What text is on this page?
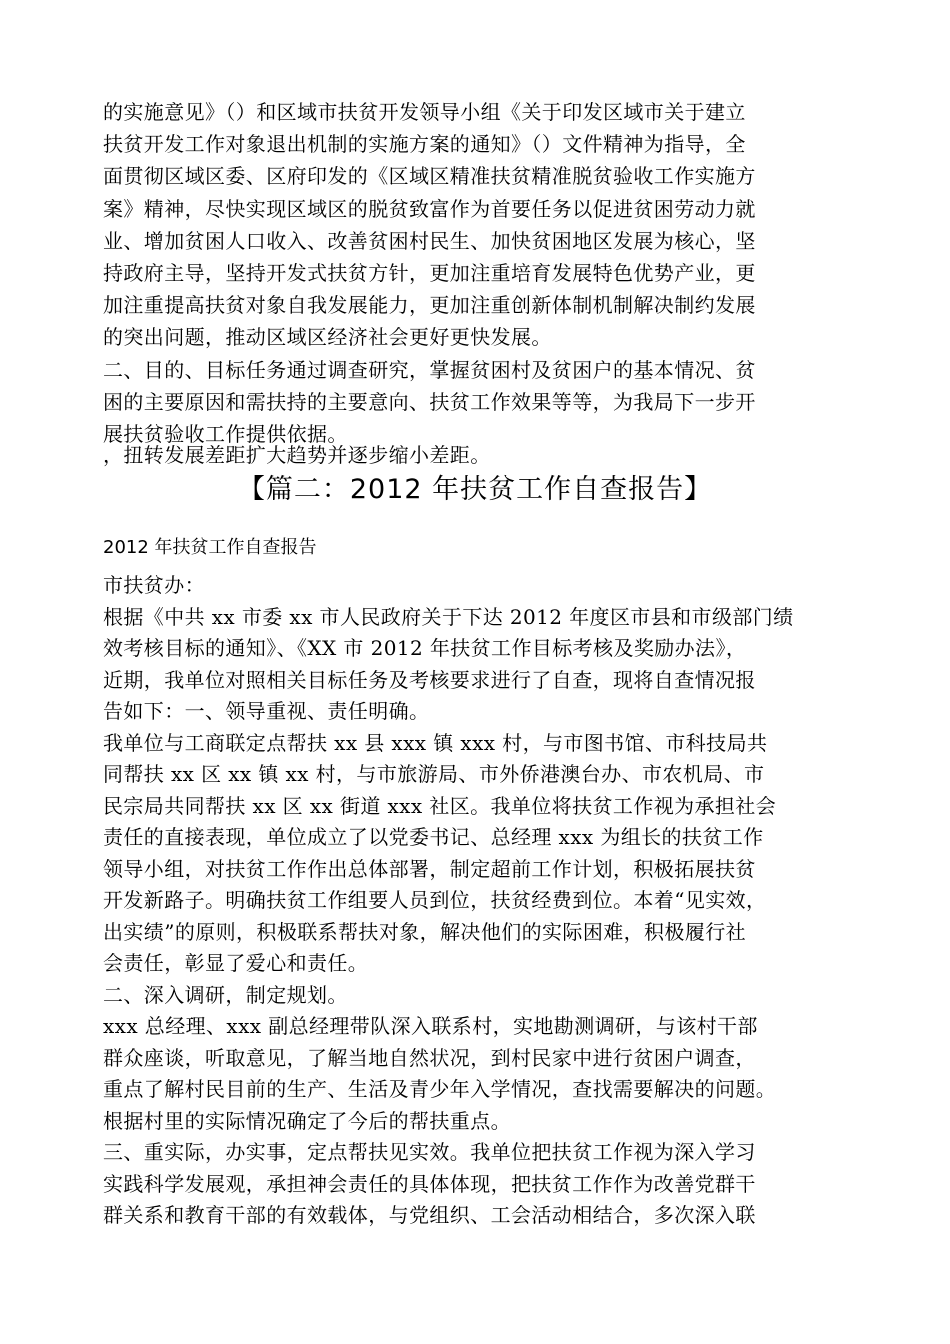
的实施意见》（）和区域市扶贫开发领导小组《关于印发区域市关于建立
扶贫开发工作对象退出机制的实施方案的通知》（）文件精神为指导，全
面贯彻区域区委、区府印发的《区域区精准扶贫精准脱贫验收工作实施方
案》精神，尽快实现区域区的脱贫致富作为首要任务以促进贫困劳动力就
业、增加贫困人口收入、改善贫困村民生、加快贫困地区发展为核心，坚
持政府主导，坚持开发式扶贫方针，更加注重培育发展特色优势产业，更
加注重提高扶贫对象自我发展能力，更加注重创新体制机制解决制约发展
的突出问题，推动区域区经济社会更好更快发展。
二、目的、目标任务通过调查研究，掌握贫困村及贫困户的基本情况、贫
困的主要原因和需扶持的主要意向、扶贫工作效果等等，为我局下一步开
展扶贫验收工作提供依据。
，扭转发展差距扩大趋势并逐步缩小差距。
【篇二：2012 年扶贫工作自查报告】
2012 年扶贫工作自查报告
市扶贫办：
根据《中共 xx 市委 xx 市人民政府关于下达 2012 年度区市县和市级部门绩
效考核目标的通知》、《XX 市 2012 年扶贫工作目标考核及奖励办法》，
近期，我单位对照相关目标任务及考核要求进行了自查，现将自查情况报
告如下：一、领导重视、责任明确。
我单位与工商联定点帮扶 xx 县 xxx 镇 xxx 村，与市图书馆、市科技局共
同帮扶 xx 区 xx 镇 xx 村，与市旅游局、市外侨港澳台办、市农机局、市
民宗局共同帮扶 xx 区 xx 街道 xxx 社区。我单位将扶贫工作视为承担社会
责任的直接表现，单位成立了以党委书记、总经理 xxx 为组长的扶贫工作
领导小组，对扶贫工作作出总体部署，制定超前工作计划，积极拓展扶贫
开发新路子。明确扶贫工作组要人员到位，扶贫经费到位。本着“见实效，
出实绩”的原则，积极联系帮扶对象，解决他们的实际困难，积极履行社
会责任，彰显了爱心和责任。
二、深入调研，制定规划。
xxx 总经理、xxx 副总经理带队深入联系村，实地勘测调研，与该村干部
群众座谈，听取意见，了解当地自然状况，到村民家中进行贫困户调查，
重点了解村民目前的生产、生活及青少年入学情况，查找需要解决的问题。
根据村里的实际情况确定了今后的帮扶重点。
三、重实际，办实事，定点帮扶见实效。我单位把扶贫工作视为深入学习
实践科学发展观，承担神会责任的具体体现，把扶贫工作作为改善党群干
群关系和教育干部的有效载体，与党组织、工会活动相结合，多次深入联
